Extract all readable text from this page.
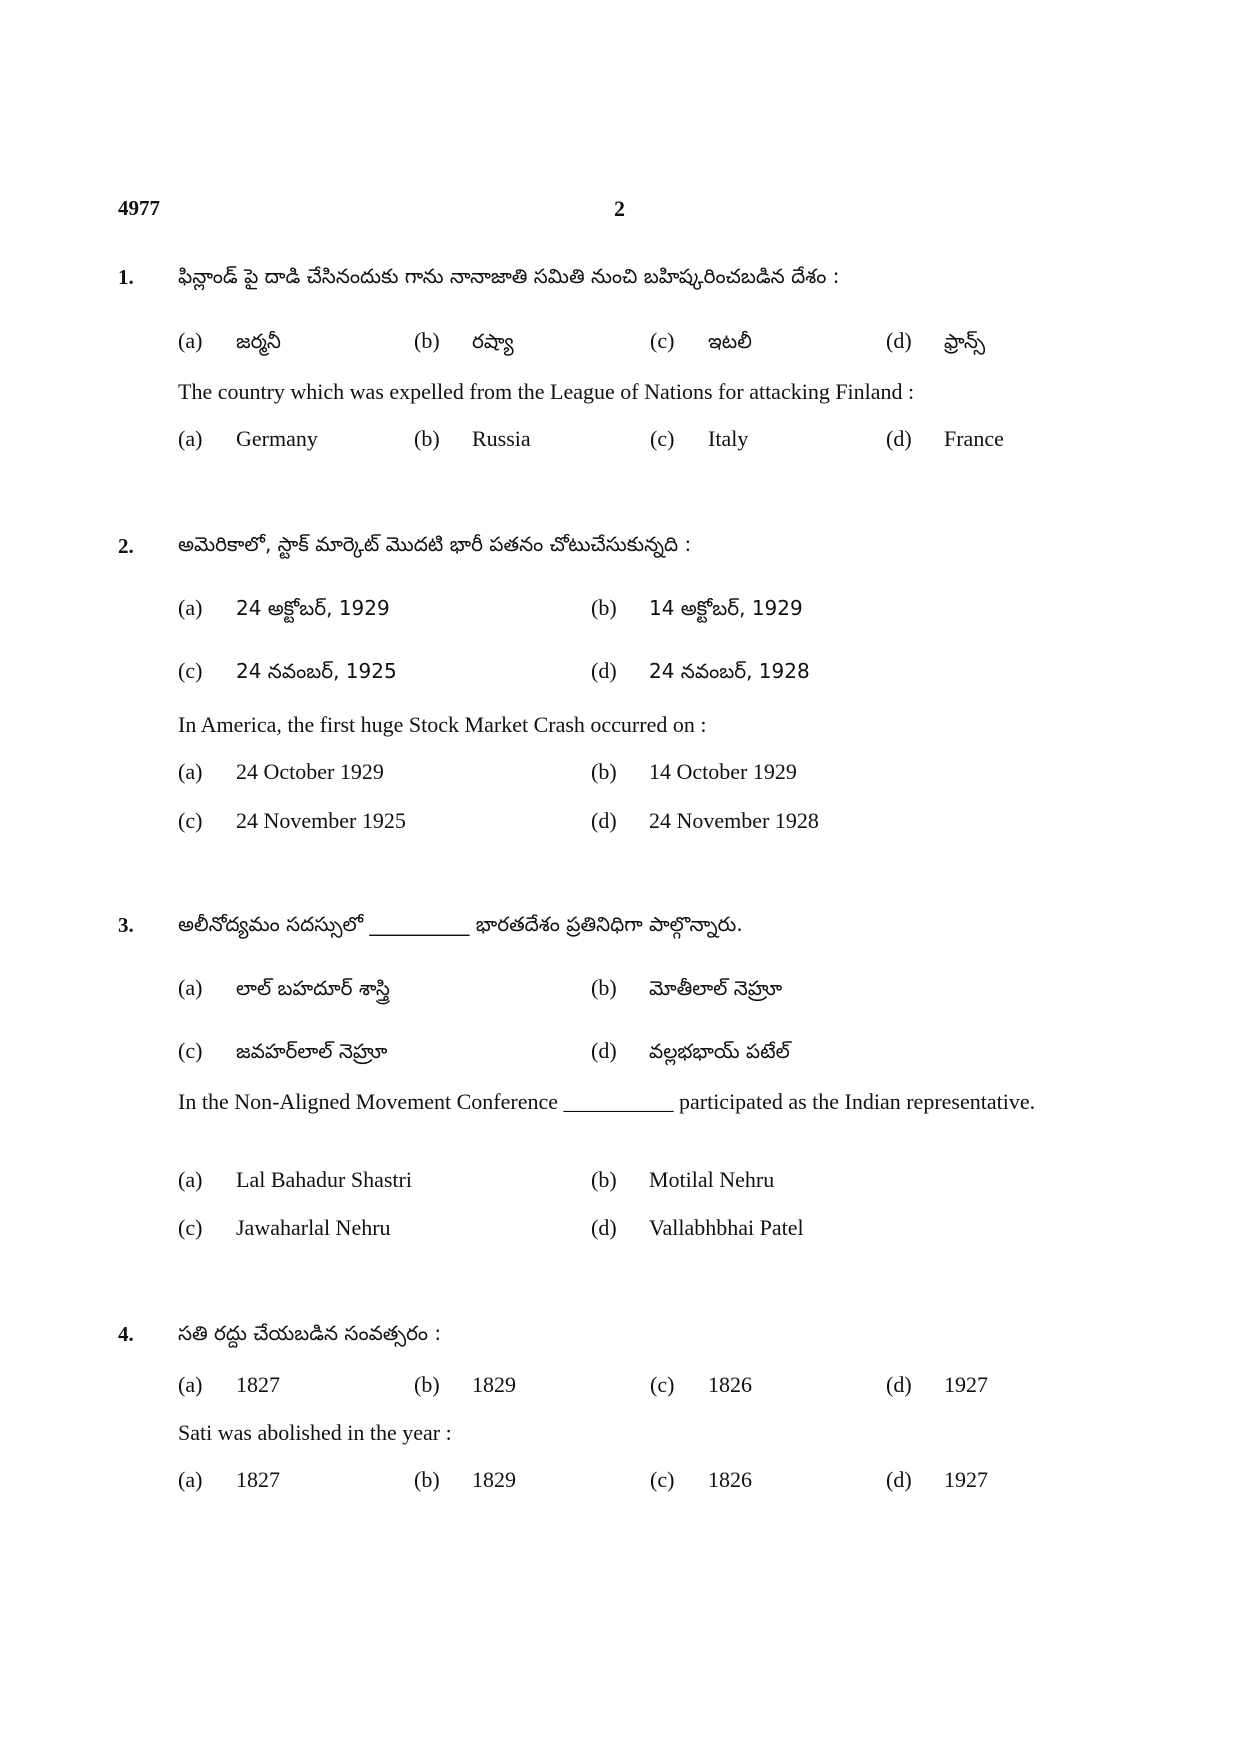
4977	2
1. ఫిన్లాండ్ పై దాడి చేసినందుకు గాను నానాజాతి సమితి నుంచి బహిష్కరించబడిన దేశం :
(a) జర్మనీ	(b) రష్యా	(c) ఇటలీ	(d) ఫ్రాన్స్
The country which was expelled from the League of Nations for attacking Finland :
(a) Germany	(b) Russia	(c) Italy	(d) France
2. అమెరికాలో, స్టాక్ మార్కెట్ మొదటి భారీ పతనం చోటుచేసుకున్నది :
(a) 24 అక్టోబర్, 1929	(b) 14 అక్టోబర్, 1929
(c) 24 నవంబర్, 1925	(d) 24 నవంబర్, 1928
In America, the first huge Stock Market Crash occurred on :
(a) 24 October 1929	(b) 14 October 1929
(c) 24 November 1925	(d) 24 November 1928
3. అలీనోద్యమం సదస్సులో __________ భారతదేశం ప్రతినిధిగా పాల్గొన్నారు.
(a) లాల్ బహదూర్ శాస్త్రి	(b) మోతీలాల్ నెహ్రూ
(c) జవహర్‌లాల్ నెహ్రూ	(d) వల్లభభాయ్ పటేల్
In the Non-Aligned Movement Conference __________ participated as the Indian representative.
(a) Lal Bahadur Shastri	(b) Motilal Nehru
(c) Jawaharlal Nehru	(d) Vallabhbhai Patel
4. సతి రద్దు చేయబడిన సంవత్సరం :
(a) 1827	(b) 1829	(c) 1826	(d) 1927
Sati was abolished in the year :
(a) 1827	(b) 1829	(c) 1826	(d) 1927
